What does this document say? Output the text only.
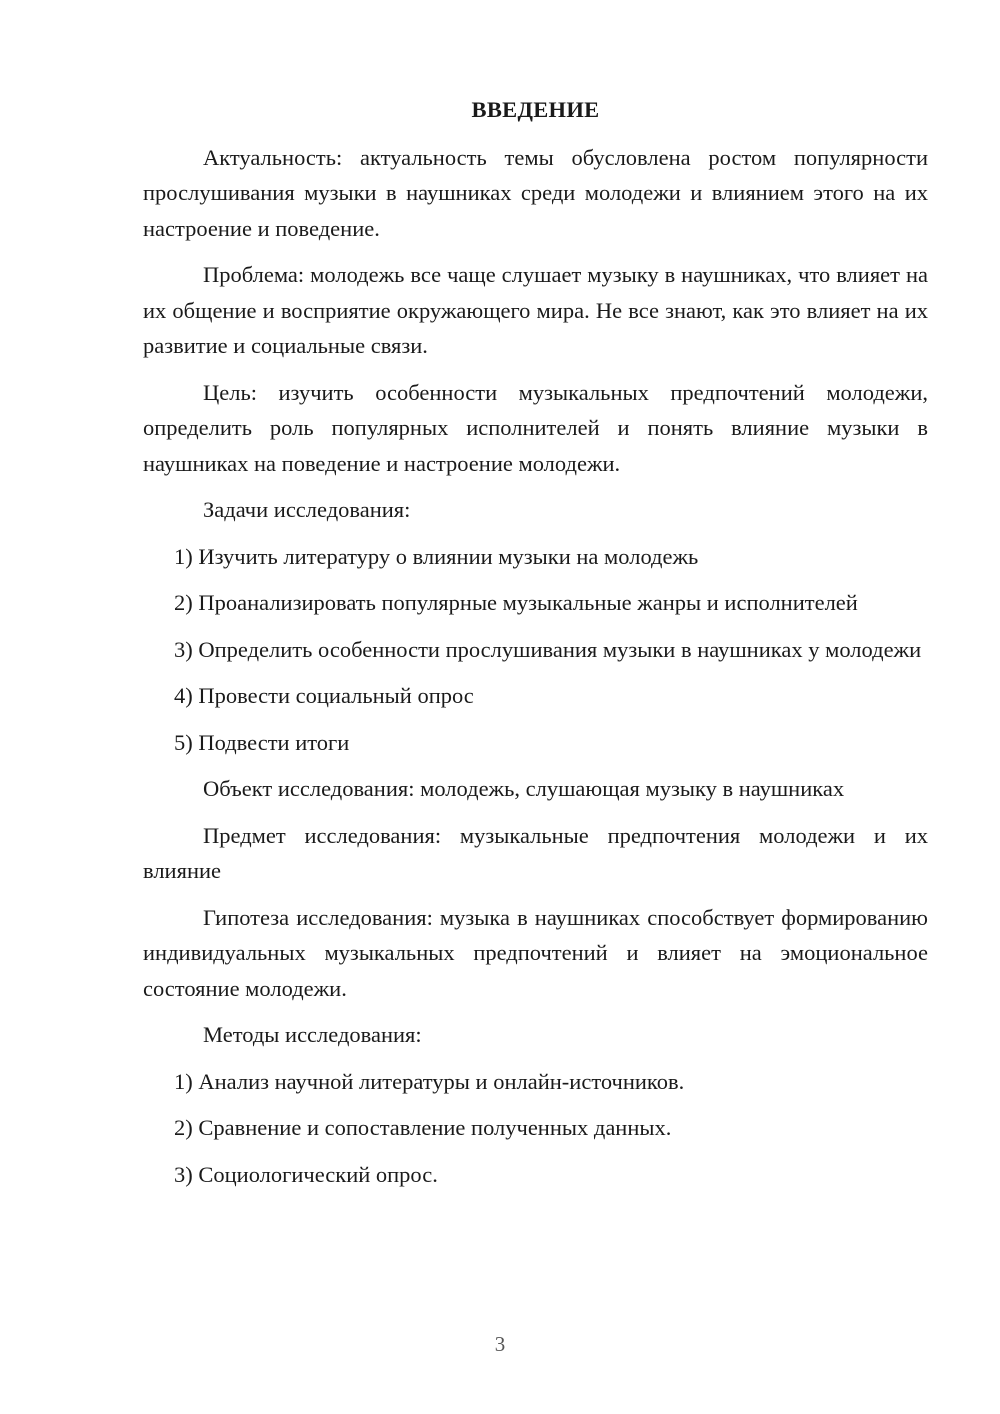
ВВЕДЕНИЕ

Актуальность: актуальность темы обусловлена ростом популярности прослушивания музыки в наушниках среди молодежи и влиянием этого на их настроение и поведение.

Проблема: молодежь все чаще слушает музыку в наушниках, что влияет на их общение и восприятие окружающего мира. Не все знают, как это влияет на их развитие и социальные связи.

Цель: изучить особенности музыкальных предпочтений молодежи, определить роль популярных исполнителей и понять влияние музыки в наушниках на поведение и настроение молодежи.

Задачи исследования:

1) Изучить литературу о влиянии музыки на молодежь

2) Проанализировать популярные музыкальные жанры и исполнителей

3) Определить особенности прослушивания музыки в наушниках у молодежи

4) Провести социальный опрос

5) Подвести итоги

Объект исследования: молодежь, слушающая музыку в наушниках

Предмет исследования: музыкальные предпочтения молодежи и их влияние

Гипотеза исследования: музыка в наушниках способствует формированию индивидуальных музыкальных предпочтений и влияет на эмоциональное состояние молодежи.

Методы исследования:

1) Анализ научной литературы и онлайн-источников.

2) Сравнение и сопоставление полученных данных.

3) Социологический опрос.

3
